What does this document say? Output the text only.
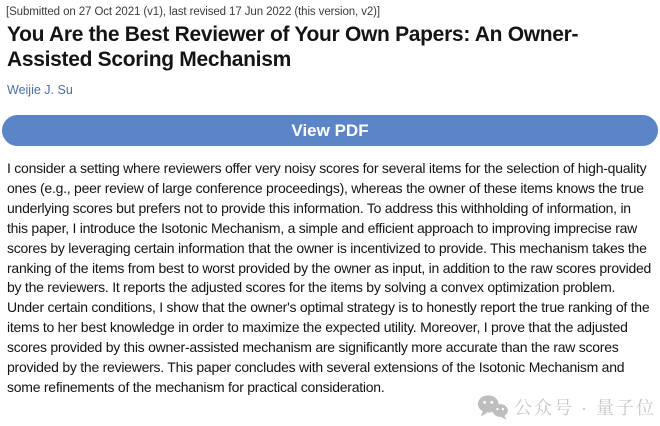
[Submitted on 27 Oct 2021 (v1), last revised 17 Jun 2022 (this version, v2)]
You Are the Best Reviewer of Your Own Papers: An Owner-Assisted Scoring Mechanism
Weijie J. Su
View PDF

I consider a setting where reviewers offer very noisy scores for several items for the selection of high-quality ones (e.g., peer review of large conference proceedings), whereas the owner of these items knows the true underlying scores but prefers not to provide this information. To address this withholding of information, in this paper, I introduce the Isotonic Mechanism, a simple and efficient approach to improving imprecise raw scores by leveraging certain information that the owner is incentivized to provide. This mechanism takes the ranking of the items from best to worst provided by the owner as input, in addition to the raw scores provided by the reviewers. It reports the adjusted scores for the items by solving a convex optimization problem. Under certain conditions, I show that the owner's optimal strategy is to honestly report the true ranking of the items to her best knowledge in order to maximize the expected utility. Moreover, I prove that the adjusted scores provided by this owner-assisted mechanism are significantly more accurate than the raw scores provided by the reviewers. This paper concludes with several extensions of the Isotonic Mechanism and some refinements of the mechanism for practical consideration.

公众号 · 量子位
